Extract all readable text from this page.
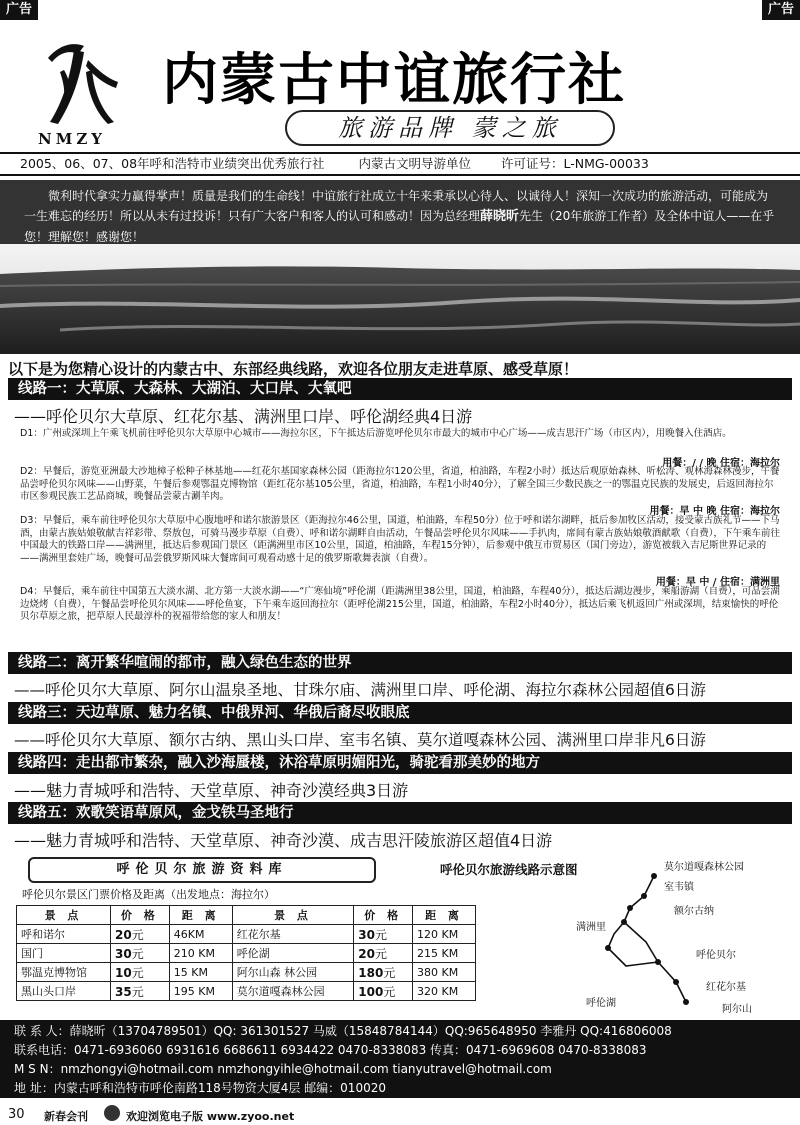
广告	广告
NMZY
内蒙古中谊旅行社
旅游品牌 蒙之旅
2005、06、07、08年呼和浩特市业绩突出优秀旅行社	内蒙古文明导游单位 许可证号：L-NMG-00033
微利时代拿实力赢得掌声！质量是我们的生命线！中谊旅行社成立十年来秉承以心待人、以诚待人！深知一次成功的旅游活动，可能成为一生难忘的经历！所以从未有过投诉！只有广大客户和客人的认可和感动！因为总经理薛晓昕先生（20年旅游工作者）及全体中谊人——在乎您！理解您！感谢您！
以下是为您精心设计的内蒙古中、东部经典线路，欢迎各位朋友走进草原、感受草原！
线路一：大草原、大森林、大湖泊、大口岸、大氧吧
——呼伦贝尔大草原、红花尔基、满洲里口岸、呼伦湖经典4日游
D1：广州或深圳上午乘飞机前往呼伦贝尔大草原中心城市——海拉尔区，下午抵达后游览呼伦贝尔市最大的城市中心广场——成吉思汗广场（市区内），用晚餐入住酒店。
用餐：/ / 晚 住宿：海拉尔
D2：早餐后，游览亚洲最大沙地樟子松种子林基地——红花尔基国家森林公园（距海拉尔120公里，省道，柏油路，车程2小时）抵达后观原始森林、听松涛、观林海森林漫步，午餐品尝呼伦贝尔风味——山野菜，午餐后参观鄂温克博物馆（距红花尔基105公里，省道，柏油路，车程1小时40分），了解全国三少数民族之一的鄂温克民族的发展史，后返回海拉尔市区参观民族工艺品商城，晚餐品尝蒙古涮羊肉。
用餐：早 中 晚 住宿：海拉尔
D3：早餐后，乘车前往呼伦贝尔大草原中心腹地呼和诺尔旅游景区（距海拉尔46公里，国道，柏油路，车程50分）位于呼和诺尔湖畔，抵后参加牧区活动，接受蒙古族礼节——下马酒，由蒙古族姑娘敬献吉祥彩带、祭敖包，可骑马漫步草原（自费）、呼和诺尔湖畔自由活动，午餐品尝呼伦贝尔风味——手扒肉，席间有蒙古族姑娘敬酒献歌（自费），下午乘车前往中国最大的铁路口岸——满洲里，抵达后参观国门景区（距满洲里市区10公里，国道，柏油路，车程15分钟），后参观中俄互市贸易区（国门旁边），游览被载入吉尼斯世界记录的——满洲里套娃广场，晚餐可品尝俄罗斯风味大餐席间可观看动感十足的俄罗斯歌舞表演（自费）。
用餐：早 中 / 住宿：满洲里
D4：早餐后，乘车前往中国第五大淡水湖、北方第一大淡水湖——“广寒仙境”呼伦湖（距满洲里38公里，国道，柏油路，车程40分），抵达后湖边漫步，乘船游湖（自费），可品尝湖边烧烤（自费），午餐品尝呼伦贝尔风味——呼伦鱼宴，下午乘车返回海拉尔（距呼伦湖215公里，国道，柏油路，车程2小时40分），抵达后乘飞机返回广州或深圳，结束愉快的呼伦贝尔草原之旅，把草原人民最淳朴的祝福带给您的家人和朋友！
线路二：离开繁华喧闹的都市，融入绿色生态的世界
——呼伦贝尔大草原、阿尔山温泉圣地、甘珠尔庙、满洲里口岸、呼伦湖、海拉尔森林公园超值6日游
线路三：天边草原、魅力名镇、中俄界河、华俄后裔尽收眼底
——呼伦贝尔大草原、额尔古纳、黑山头口岸、室韦名镇、莫尔道嘎森林公园、满洲里口岸非凡6日游
线路四：走出都市繁杂，融入沙海蜃楼，沐浴草原明媚阳光，骑驼看那美妙的地方
——魅力青城呼和浩特、天堂草原、神奇沙漠经典3日游
线路五：欢歌笑语草原风，金戈铁马圣地行
——魅力青城呼和浩特、天堂草原、神奇沙漠、成吉思汗陵旅游区超值4日游
呼伦贝尔旅游资料库
呼伦贝尔景区门票价格及距离（出发地点：海拉尔）
景 点	价 格	距 离	景 点	价 格	距 离
呼和诺尔	20元	46KM	红花尔基	30元	120 KM
国门	30元	210 KM	呼伦湖	20元	215 KM
鄂温克博物馆	10元	15 KM	阿尔山森 林公园	180元	380 KM
黑山头口岸	35元	195 KM	莫尔道嘎森林公园	100元	320 KM
呼伦贝尔旅游线路示意图	莫尔道嘎森林公园
室韦镇
额尔古纳
满洲里
呼伦贝尔
红花尔基
呼伦湖
阿尔山
联 系 人：薛晓昕（13704789501）QQ: 361301527 马威（15848784144）QQ:965648950 李雅丹 QQ:416806008
联系电话：0471-6936060 6931616 6686611 6934422 0470-8338083 传真：0471-6969608 0470-8338083
M S N：nmzhongyi@hotmail.com nmzhongyihle@hotmail.com tianyutravel@hotmail.com
地 址：内蒙古呼和浩特市呼伦南路118号物资大厦4层 邮编：010020
30 新春会刊	欢迎浏览电子版 www.zyoo.net
